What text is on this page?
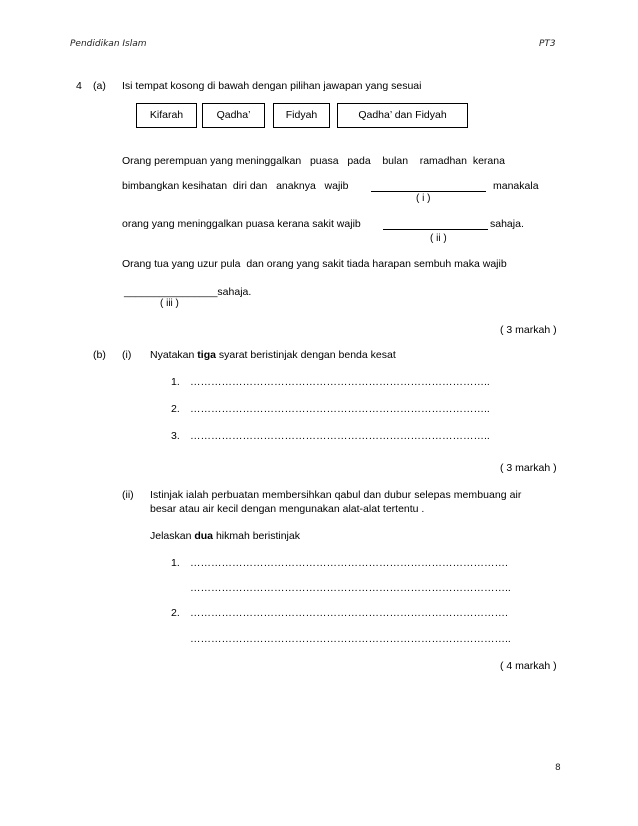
Pendidikan Islam	PT3
4 (a) Isi tempat kosong di bawah dengan pilihan jawapan yang sesuai
Kifarah	Qadha’	Fidyah	Qadha’ dan Fidyah
Orang perempuan yang meninggalkan   puasa   pada    bulan    ramadhan  kerana
bimbangkan kesihatan  diri dan   anaknya   wajib	manakala
( i )
orang yang meninggalkan puasa kerana sakit wajib	sahaja.
( ii )
Orang tua yang uzur pula  dan orang yang sakit tiada harapan sembuh maka wajib
________________sahaja.
( iii )
( 3 markah )
(b) (i) Nyatakan tiga syarat beristinjak dengan benda kesat
1. …………………………………………………………………………..
2. …………………………………………………………………………..
3. …………………………………………………………………………..
( 3 markah )
(ii) Istinjak ialah perbuatan membersihkan qabul dan dubur selepas membuang air
besar atau air kecil dengan mengunakan alat-alat tertentu .
Jelaskan dua hikmah beristinjak
1. ……………………………………………………………………………….
………………………………………………………………………………..
2. ……………………………………………………………………………….
………………………………………………………………………………..
( 4 markah )
8
